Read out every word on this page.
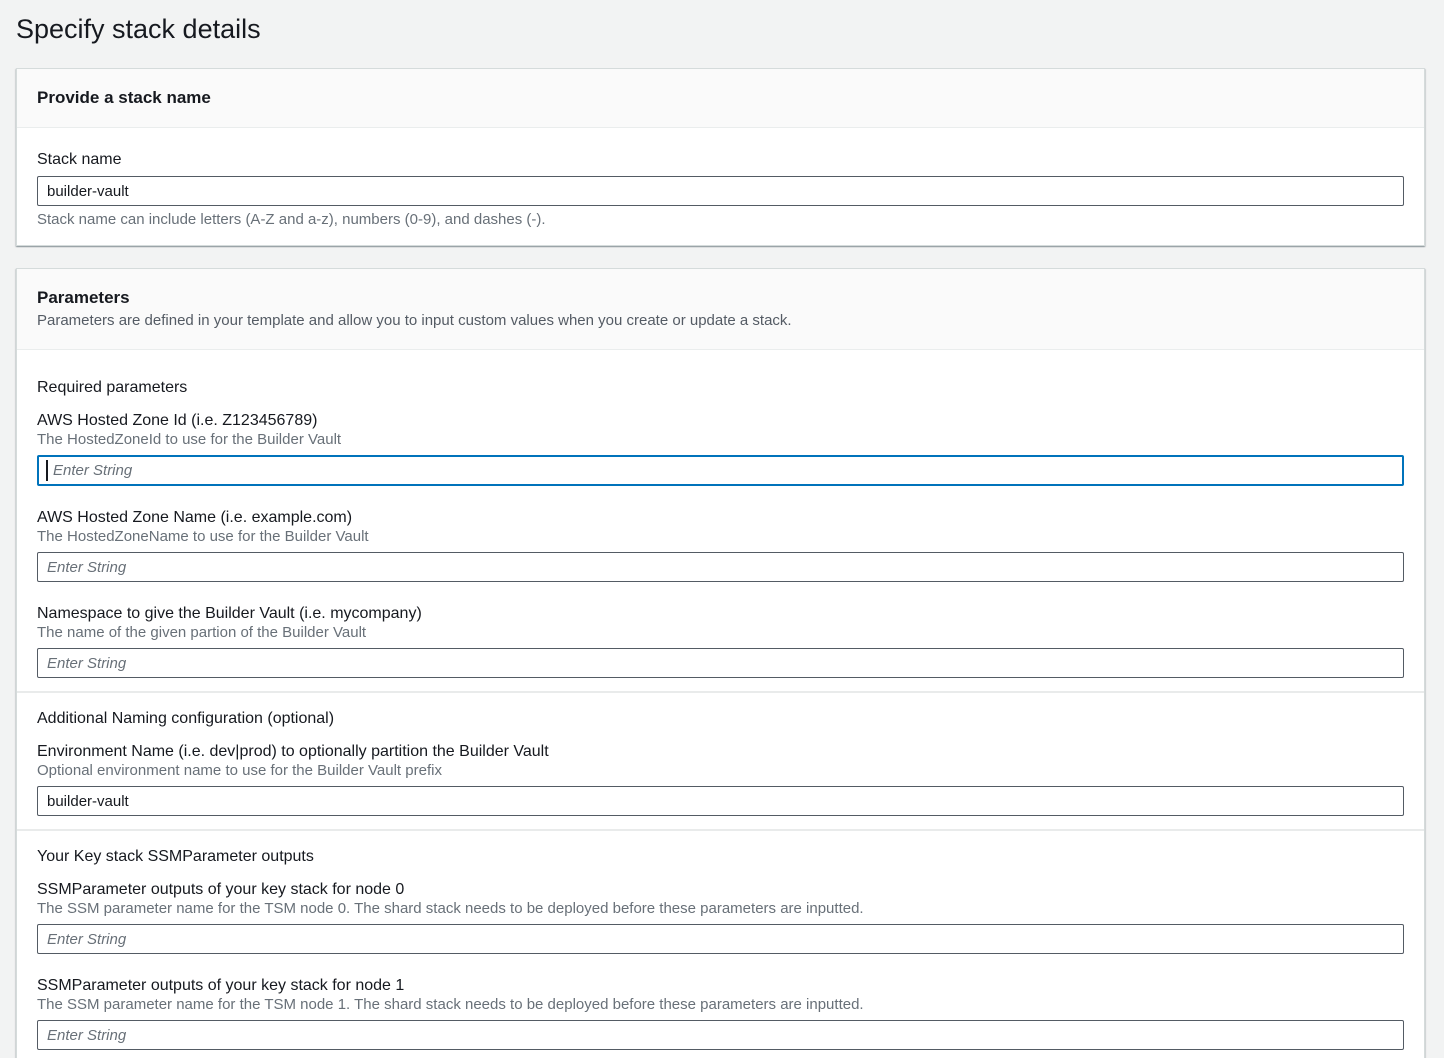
Specify stack details
Provide a stack name
Stack name
builder-vault
Stack name can include letters (A-Z and a-z), numbers (0-9), and dashes (-).
Parameters
Parameters are defined in your template and allow you to input custom values when you create or update a stack.
Required parameters
AWS Hosted Zone Id (i.e. Z123456789)
The HostedZoneId to use for the Builder Vault
Enter String
AWS Hosted Zone Name (i.e. example.com)
The HostedZoneName to use for the Builder Vault
Enter String
Namespace to give the Builder Vault (i.e. mycompany)
The name of the given partion of the Builder Vault
Enter String
Additional Naming configuration (optional)
Environment Name (i.e. dev|prod) to optionally partition the Builder Vault
Optional environment name to use for the Builder Vault prefix
builder-vault
Your Key stack SSMParameter outputs
SSMParameter outputs of your key stack for node 0
The SSM parameter name for the TSM node 0. The shard stack needs to be deployed before these parameters are inputted.
Enter String
SSMParameter outputs of your key stack for node 1
The SSM parameter name for the TSM node 1. The shard stack needs to be deployed before these parameters are inputted.
Enter String
